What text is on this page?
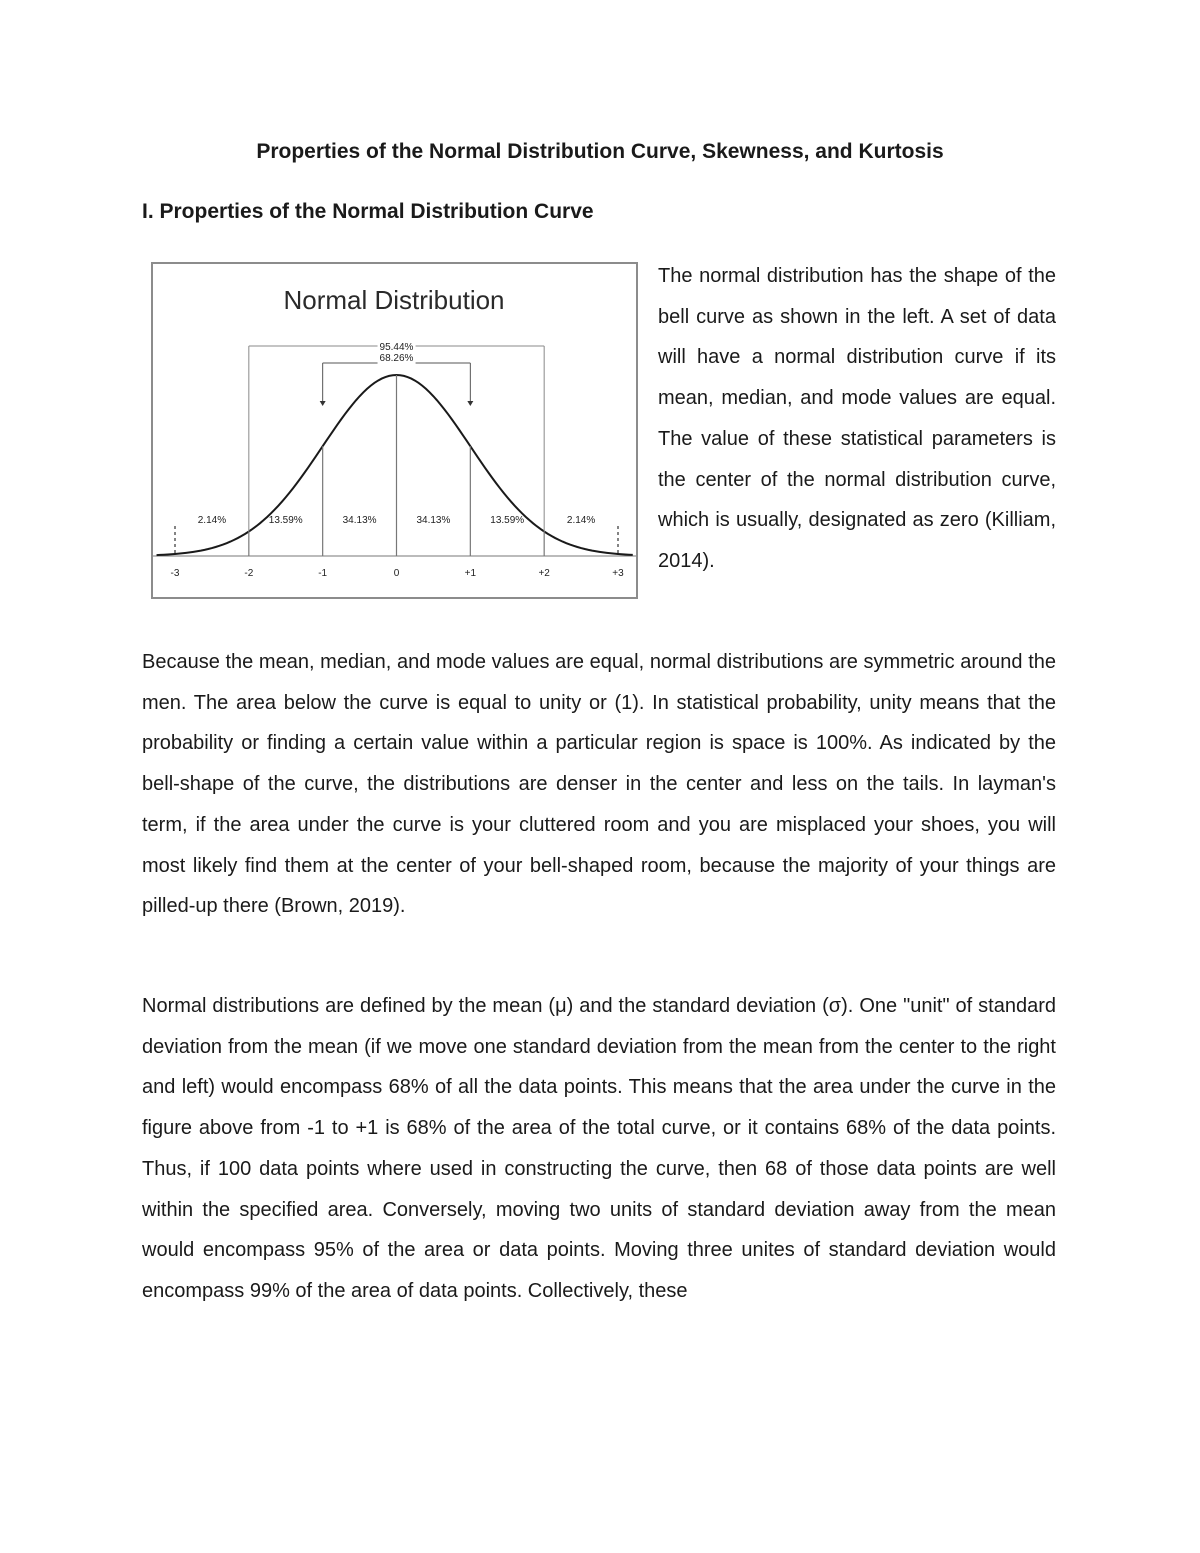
Properties of the Normal Distribution Curve, Skewness, and Kurtosis
I. Properties of the Normal Distribution Curve
Normal Distribution
-3	-2	-1	0	+1	+2	+3
2.14%	13.59%	34.13%	34.13%	13.59%	2.14%
95.44%
68.26%

The normal distribution has the shape of the bell curve as shown in the left. A set of data will have a normal distribution curve if its mean, median, and mode values are equal. The value of these statistical parameters is the center of the normal distribution curve, which is usually, designated as zero (Killiam, 2014).

Because the mean, median, and mode values are equal, normal distributions are symmetric around the men. The area below the curve is equal to unity or (1). In statistical probability, unity means that the probability or finding a certain value within a particular region is space is 100%. As indicated by the bell-shape of the curve, the distributions are denser in the center and less on the tails. In layman's term, if the area under the curve is your cluttered room and you are misplaced your shoes, you will most likely find them at the center of your bell-shaped room, because the majority of your things are pilled-up there (Brown, 2019).

Normal distributions are defined by the mean (μ) and the standard deviation (σ). One "unit" of standard deviation from the mean (if we move one standard deviation from the mean from the center to the right and left) would encompass 68% of all the data points. This means that the area under the curve in the figure above from -1 to +1 is 68% of the area of the total curve, or it contains 68% of the data points. Thus, if 100 data points where used in constructing the curve, then 68 of those data points are well within the specified area. Conversely, moving two units of standard deviation away from the mean would encompass 95% of the area or data points. Moving three unites of standard deviation would encompass 99% of the area of data points. Collectively, these
